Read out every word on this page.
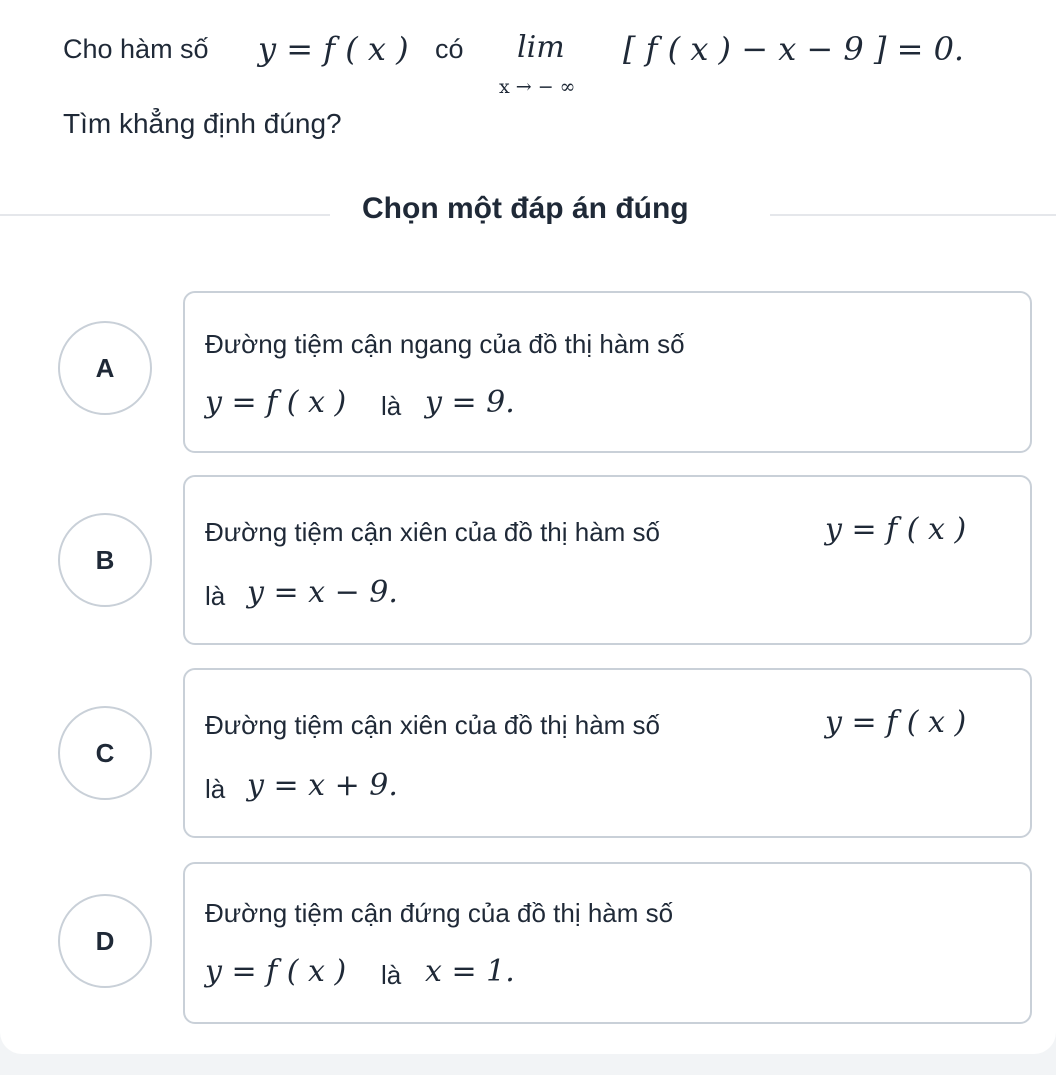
Cho hàm số y = f ( x ) có lim
x → − ∞
[ f ( x ) − x − 9 ] = 0.
Tìm khẳng định đúng?
Chọn một đáp án đúng
A
Đường tiệm cận ngang của đồ thị hàm số
y = f ( x ) là y = 9.
B
Đường tiệm cận xiên của đồ thị hàm số	y = f ( x )
là y = x − 9.
C
Đường tiệm cận xiên của đồ thị hàm số	y = f ( x )
là y = x + 9.
D
Đường tiệm cận đứng của đồ thị hàm số
y = f ( x ) là x = 1.
